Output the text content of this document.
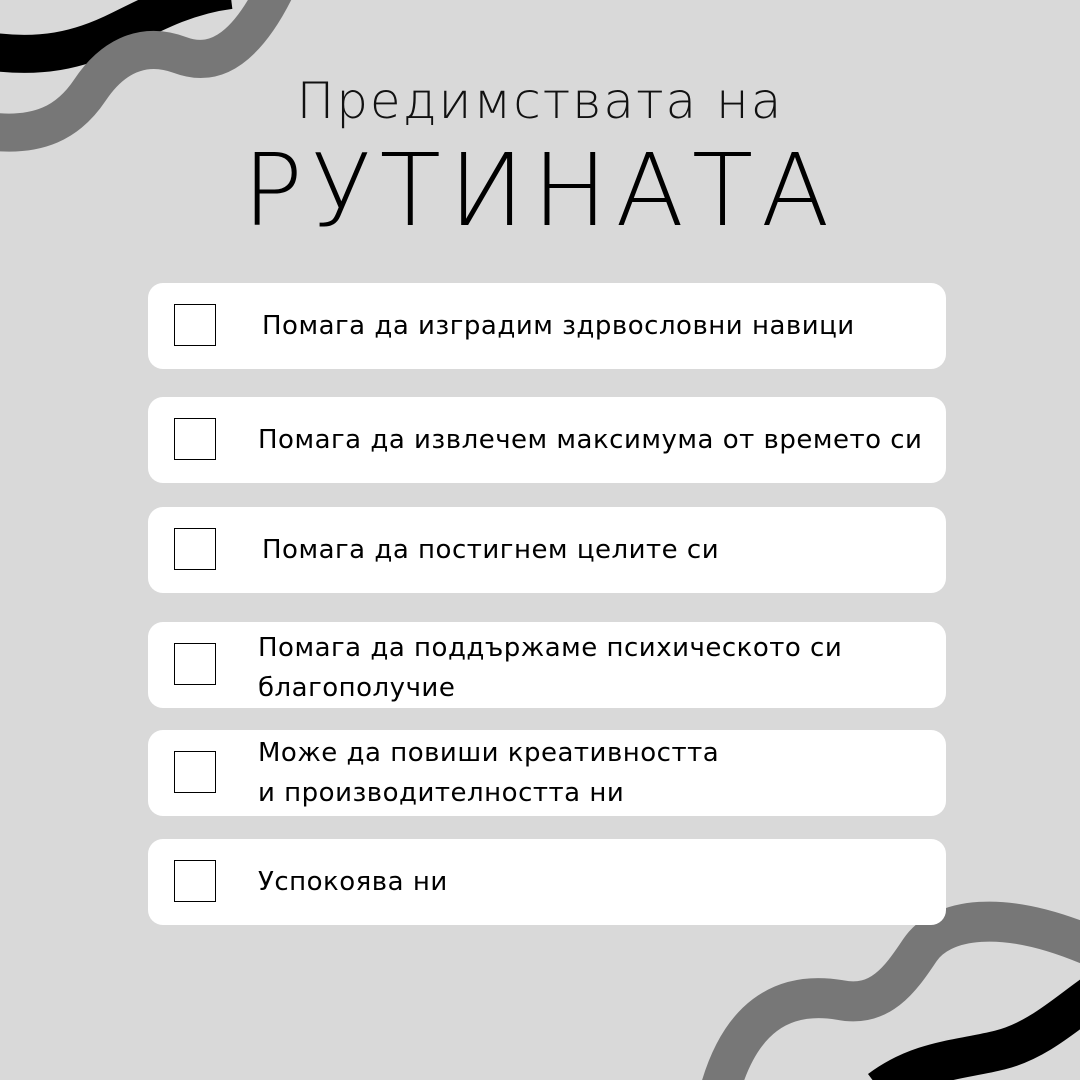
Предимствата на
РУТИНАТА
Помага да изградим здрвословни навици
Помага да извлечем максимума от времето си
Помага да постигнем целите си
Помага да поддържаме психическото си благополучие
Може да повиши креативността и производителността ни
Успокоява ни
